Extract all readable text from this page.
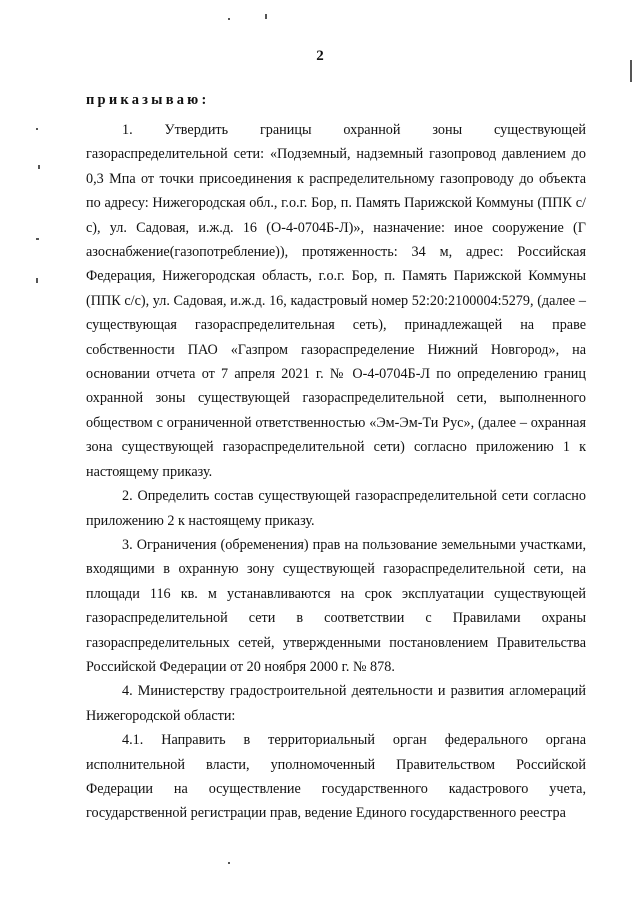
2
приказываю:

1. Утвердить границы охранной зоны существующей газораспределительной сети: «Подземный, надземный газопровод давлением до 0,3 Мпа от точки присоединения к распределительному газопроводу до объекта по адресу: Нижегородская обл., г.о.г. Бор, п. Память Парижской Коммуны (ППК с/с), ул. Садовая, и.ж.д. 16 (О-4-0704Б-Л)», назначение: иное сооружение (Г азоснабжение(газопотребление)), протяженность: 34 м, адрес: Российская Федерация, Нижегородская область, г.о.г. Бор, п. Память Парижской Коммуны (ППК с/с), ул. Садовая, и.ж.д. 16, кадастровый номер 52:20:2100004:5279, (далее – существующая газораспределительная сеть), принадлежащей на праве собственности ПАО «Газпром газораспределение Нижний Новгород», на основании отчета от 7 апреля 2021 г. № О-4-0704Б-Л по определению границ охранной зоны существующей газораспределительной сети, выполненного обществом с ограниченной ответственностью «Эм-Эм-Ти Рус», (далее – охранная зона существующей газораспределительной сети) согласно приложению 1 к настоящему приказу.

2. Определить состав существующей газораспределительной сети согласно приложению 2 к настоящему приказу.

3. Ограничения (обременения) прав на пользование земельными участками, входящими в охранную зону существующей газораспределительной сети, на площади 116 кв. м устанавливаются на срок эксплуатации существующей газораспределительной сети в соответствии с Правилами охраны газораспределительных сетей, утвержденными постановлением Правительства Российской Федерации от 20 ноября 2000 г. № 878.

4. Министерству градостроительной деятельности и развития агломераций Нижегородской области:

4.1. Направить в территориальный орган федерального органа исполнительной власти, уполномоченный Правительством Российской Федерации на осуществление государственного кадастрового учета, государственной регистрации прав, ведение Единого государственного реестра
